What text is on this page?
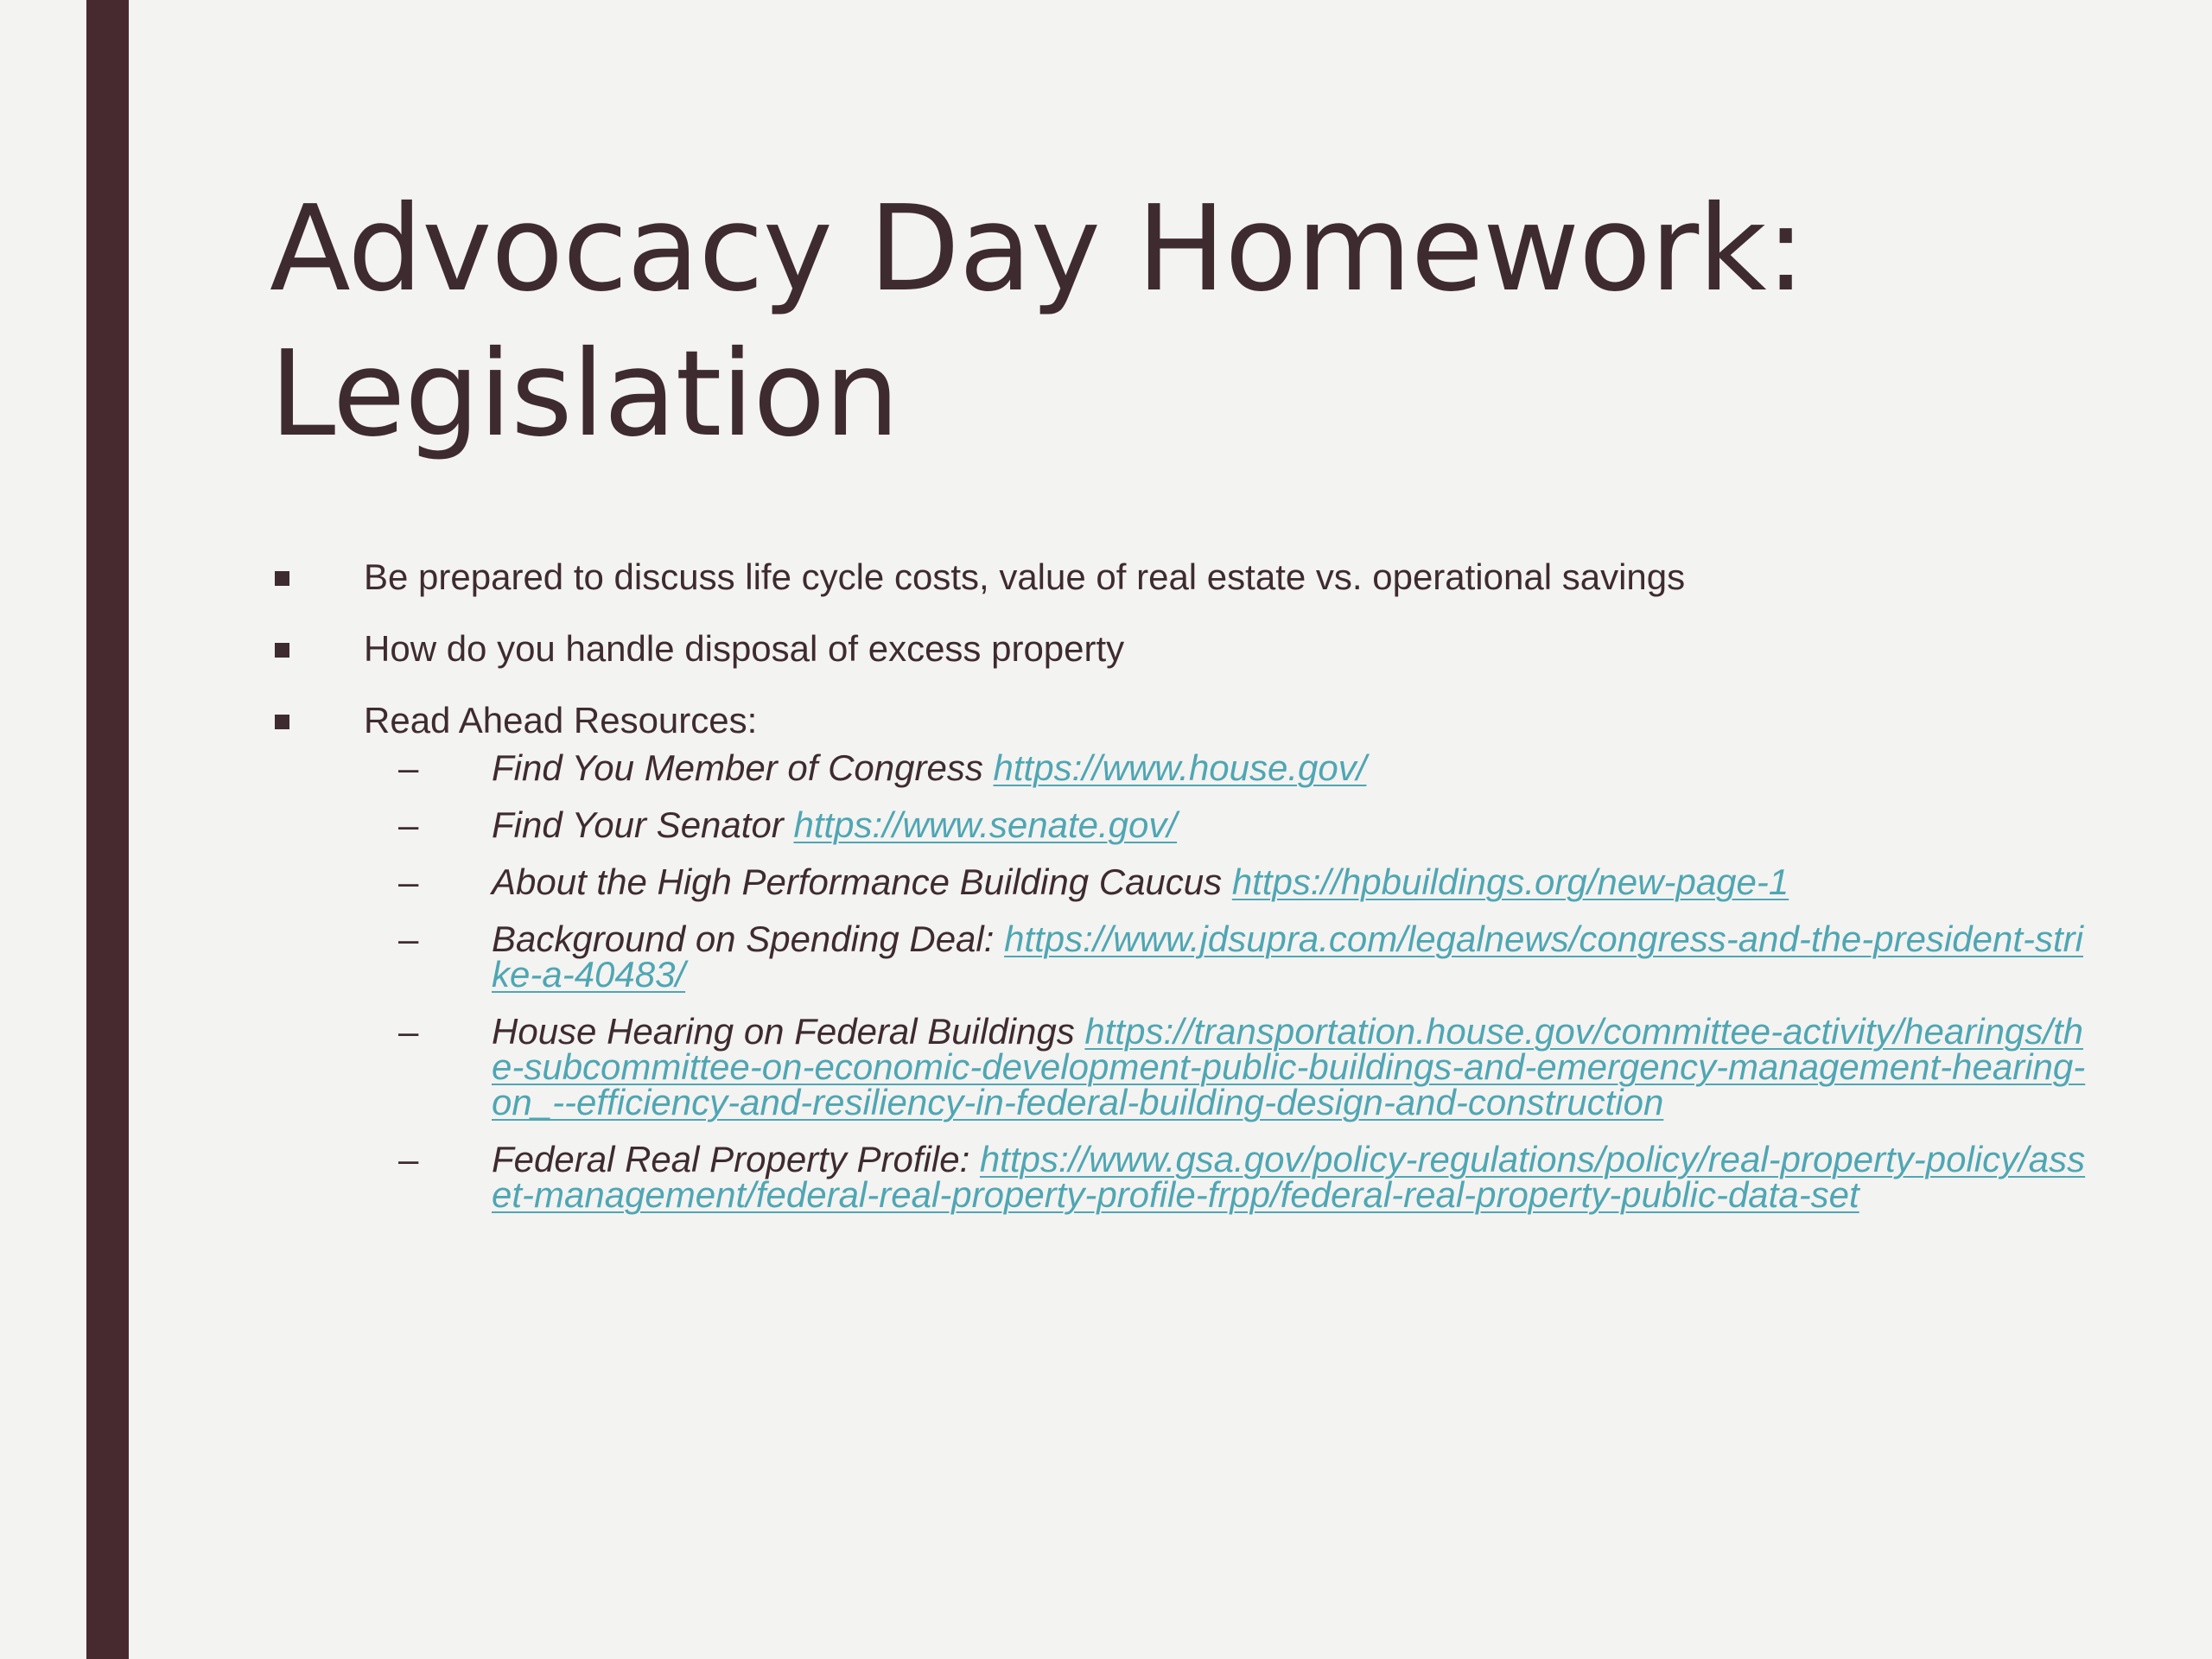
Advocacy Day Homework:
Legislation
Be prepared to discuss life cycle costs, value of real estate vs. operational savings
How do you handle disposal of excess property
Read Ahead Resources:
– Find You Member of Congress https://www.house.gov/
– Find Your Senator https://www.senate.gov/
– About the High Performance Building Caucus https://hpbuildings.org/new-page-1
– Background on Spending Deal: https://www.jdsupra.com/legalnews/congress-and-the-president-strike-a-40483/
– House Hearing on Federal Buildings https://transportation.house.gov/committee-activity/hearings/the-subcommittee-on-economic-development-public-buildings-and-emergency-management-hearing-on_--efficiency-and-resiliency-in-federal-building-design-and-construction
– Federal Real Property Profile: https://www.gsa.gov/policy-regulations/policy/real-property-policy/asset-management/federal-real-property-profile-frpp/federal-real-property-public-data-set
